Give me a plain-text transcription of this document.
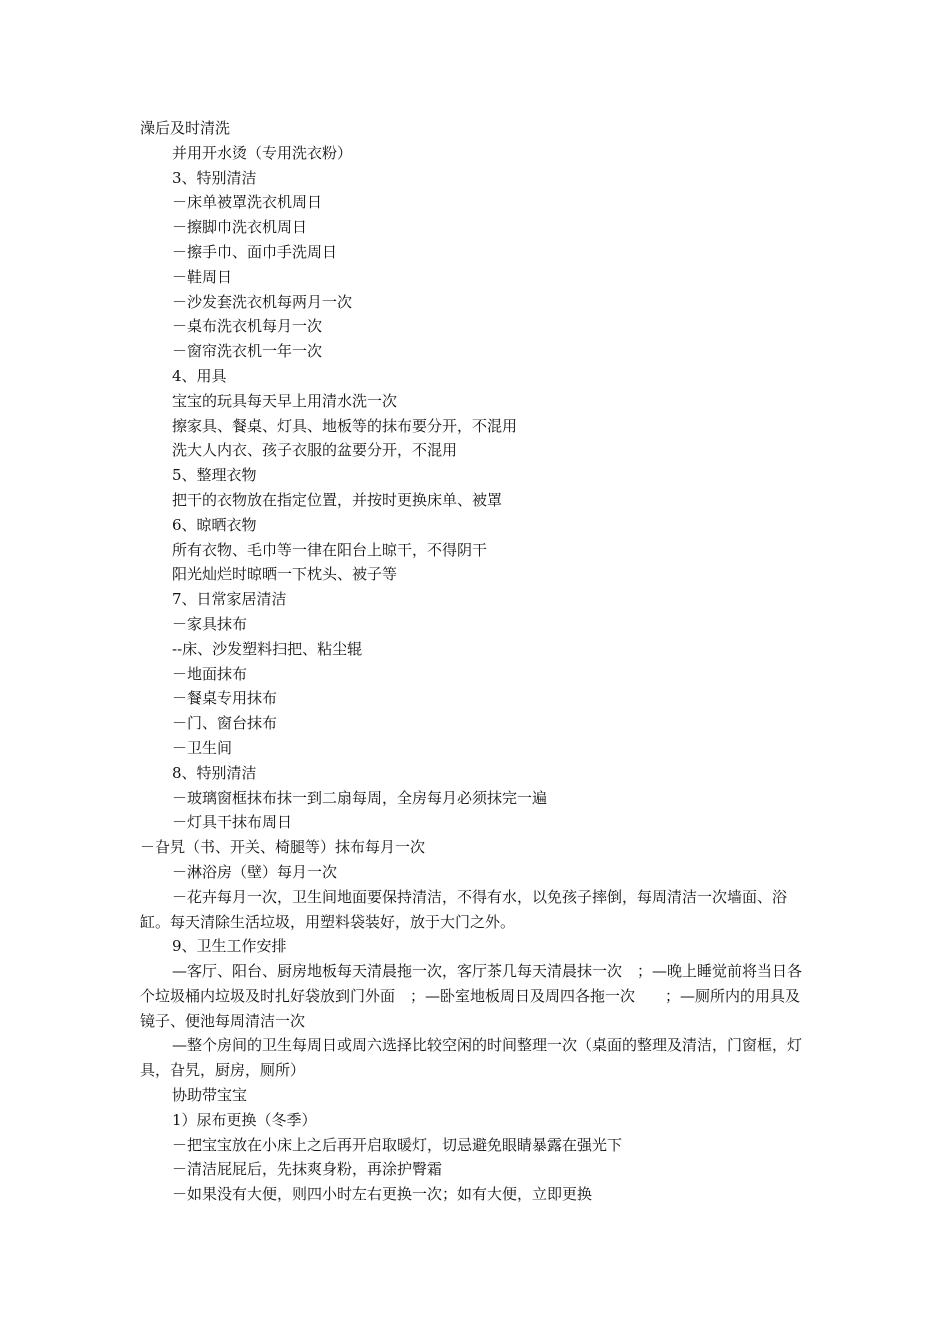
澡后及时清洗

并用开水烫（专用洗衣粉）

3、特别清洁

－床单被罩洗衣机周日

－擦脚巾洗衣机周日

－擦手巾、面巾手洗周日

－鞋周日

－沙发套洗衣机每两月一次

－桌布洗衣机每月一次

－窗帘洗衣机一年一次

4、用具

宝宝的玩具每天早上用清水洗一次

擦家具、餐桌、灯具、地板等的抹布要分开，不混用

洗大人内衣、孩子衣服的盆要分开，不混用

5、整理衣物

把干的衣物放在指定位置，并按时更换床单、被罩

6、晾晒衣物

所有衣物、毛巾等一律在阳台上晾干，不得阴干

阳光灿烂时晾晒一下枕头、被子等

7、日常家居清洁

－家具抹布

--床、沙发塑料扫把、粘尘辊

－地面抹布

－餐桌专用抹布

－门、窗台抹布

－卫生间

8、特别清洁

－玻璃窗框抹布抹一到二扇每周，全房每月必须抹完一遍

－灯具干抹布周日

－旮旯（书、开关、椅腿等）抹布每月一次

－淋浴房（壁）每月一次

－花卉每月一次，卫生间地面要保持清洁，不得有水，以免孩子摔倒，每周清洁一次墙面、浴缸。每天清除生活垃圾，用塑料袋装好，放于大门之外。

9、卫生工作安排

—客厅、阳台、厨房地板每天清晨拖一次，客厅茶几每天清晨抹一次　；—晚上睡觉前将当日各个垃圾桶内垃圾及时扎好袋放到门外面　；—卧室地板周日及周四各拖一次　　；—厕所内的用具及镜子、便池每周清洁一次

—整个房间的卫生每周日或周六选择比较空闲的时间整理一次（桌面的整理及清洁，门窗框，灯具，旮旯，厨房，厕所）

协助带宝宝

1）尿布更换（冬季）

－把宝宝放在小床上之后再开启取暖灯，切忌避免眼睛暴露在强光下

－清洁屁屁后，先抹爽身粉，再涂护臀霜

－如果没有大便，则四小时左右更换一次；如有大便，立即更换
